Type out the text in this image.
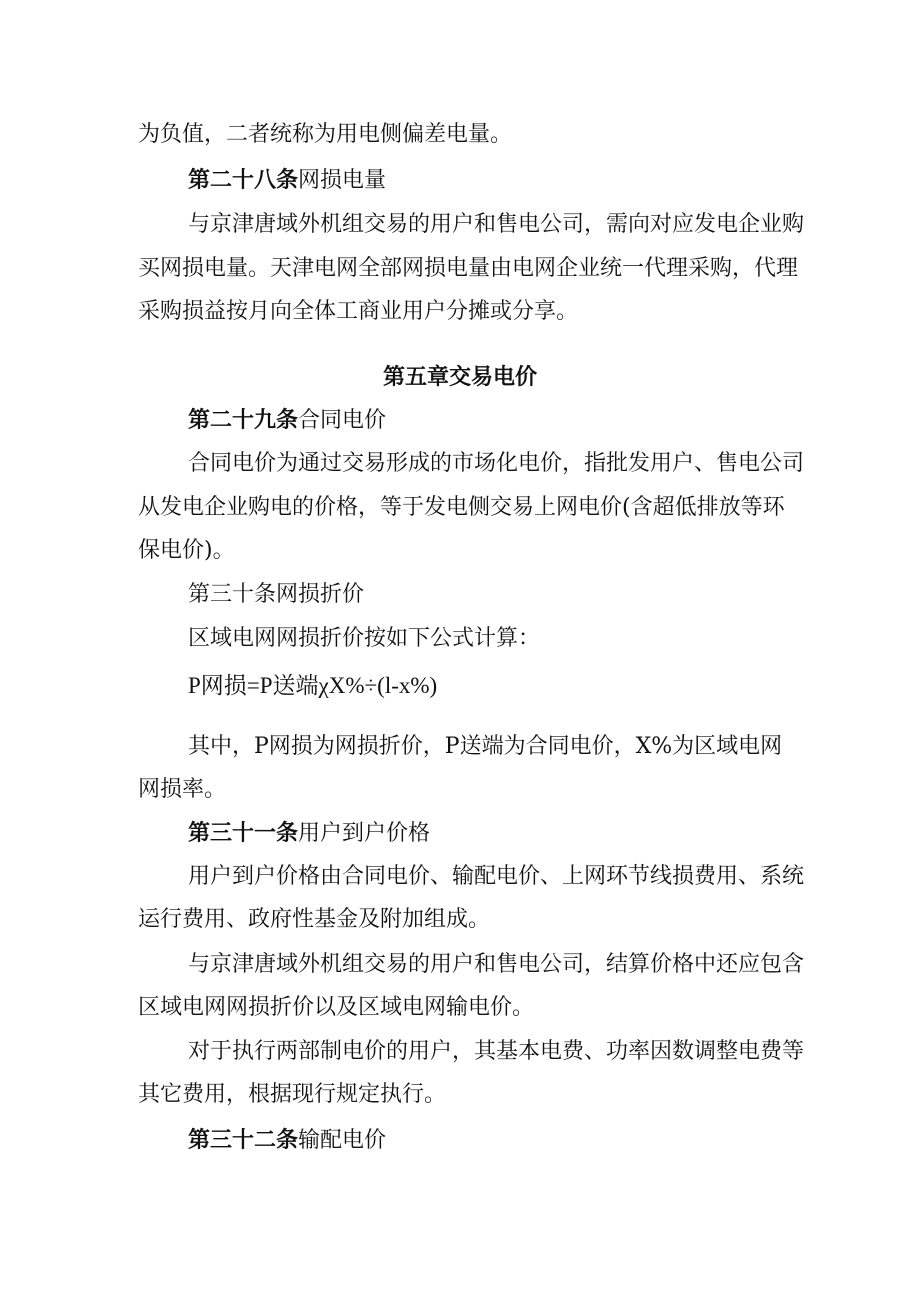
为负值，二者统称为用电侧偏差电量。
第二十八条网损电量
与京津唐域外机组交易的用户和售电公司，需向对应发电企业购
买网损电量。天津电网全部网损电量由电网企业统一代理采购，代理
采购损益按月向全体工商业用户分摊或分享。
第五章交易电价
第二十九条合同电价
合同电价为通过交易形成的市场化电价，指批发用户、售电公司
从发电企业购电的价格，等于发电侧交易上网电价(含超低排放等环
保电价)。
第三十条网损折价
区域电网网损折价按如下公式计算：
P网损=P送端χX%÷(l-x%)
其中，P网损为网损折价，P送端为合同电价，X%为区域电网
网损率。
第三十一条用户到户价格
用户到户价格由合同电价、输配电价、上网环节线损费用、系统
运行费用、政府性基金及附加组成。
与京津唐域外机组交易的用户和售电公司，结算价格中还应包含
区域电网网损折价以及区域电网输电价。
对于执行两部制电价的用户，其基本电费、功率因数调整电费等
其它费用，根据现行规定执行。
第三十二条输配电价
